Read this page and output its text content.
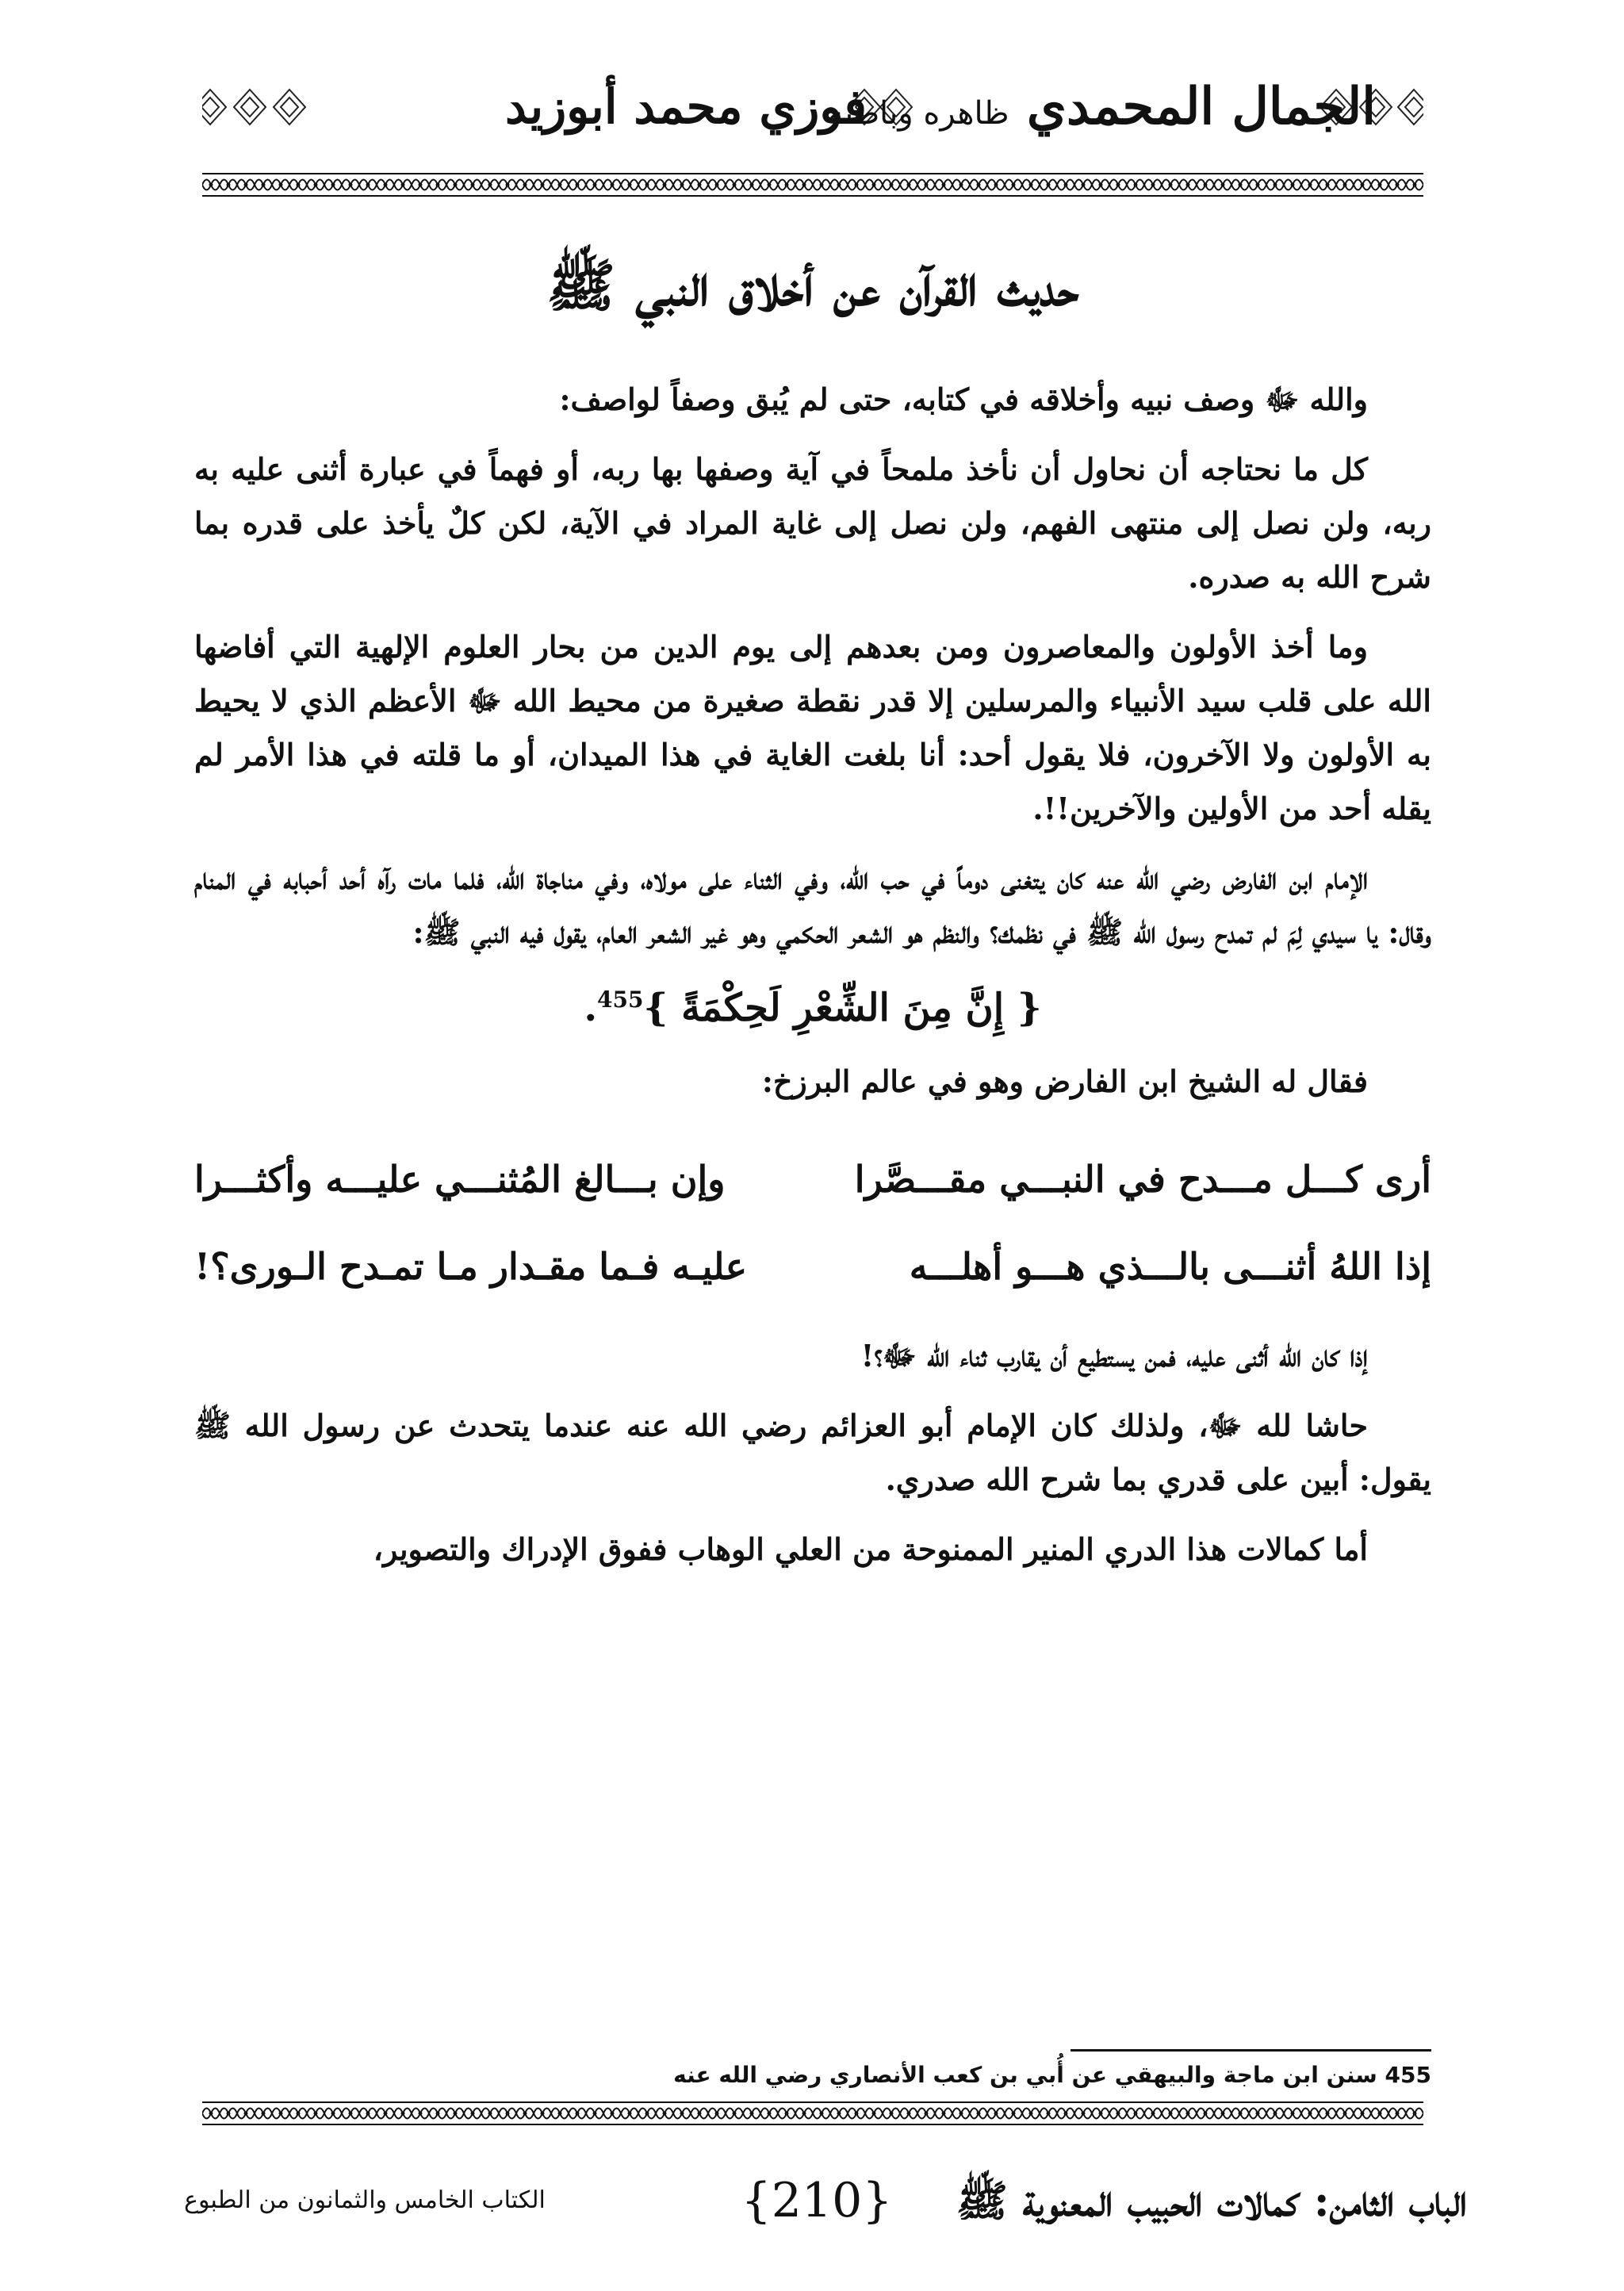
الجمال المحمدي ظاهره وباطنه
فوزي محمد أبوزيد
حديث القرآن عن أخلاق النبي ﷺ

والله ﷻ وصف نبيه وأخلاقه في كتابه، حتى لم يُبق وصفاً لواصف:

كل ما نحتاجه أن نحاول أن نأخذ ملمحاً في آية وصفها بها ربه، أو فهماً في عبارة أثنى عليه به ربه، ولن نصل إلى منتهى الفهم، ولن نصل إلى غاية المراد في الآية، لكن كلٌ يأخذ على قدره بما شرح الله به صدره.

وما أخذ الأولون والمعاصرون ومن بعدهم إلى يوم الدين من بحار العلوم الإلهية التي أفاضها الله على قلب سيد الأنبياء والمرسلين إلا قدر نقطة صغيرة من محيط الله ﷻ الأعظم الذي لا يحيط به الأولون ولا الآخرون، فلا يقول أحد: أنا بلغت الغاية في هذا الميدان، أو ما قلته في هذا الأمر لم يقله أحد من الأولين والآخرين!!.

الإمام ابن الفارض رضي الله عنه كان يتغنى دوماً في حب الله، وفي الثناء على مولاه، وفي مناجاة الله، فلما مات رآه أحد أحبابه في المنام وقال: يا سيدي لِمَ لم تمدح رسول الله ﷺ في نظمك؟ والنظم هو الشعر الحكمي وهو غير الشعر العام، يقول فيه النبي ﷺ:

{ إِنَّ مِنَ الشِّعْرِ لَحِكْمَةً }$^{455}$.

فقال له الشيخ ابن الفارض وهو في عالم البرزخ:

أرى كـــل مـــدح في النبـــي مقـــصَّرا
وإن بـــالغ المُثنـــي عليـــه وأكثـــرا
إذا اللهُ أثنـــى بالـــذي هـــو أهلـــه
عليـه فـما مقـدار مـا تمـدح الـورى؟!

إذا كان الله أثنى عليه، فمن يستطيع أن يقارب ثناء الله ﷻ؟!

حاشا لله ﷻ، ولذلك كان الإمام أبو العزائم رضي الله عنه عندما يتحدث عن رسول الله ﷺ يقول: أبين على قدري بما شرح الله صدري.

أما كمالات هذا الدري المنير الممنوحة من العلي الوهاب ففوق الإدراك والتصوير،

455 سنن ابن ماجة والبيهقي عن أُبي بن كعب الأنصاري رضي الله عنه
الباب الثامن: كمالات الحبيب المعنوية ﷺ
{210}
الكتاب الخامس والثمانون من الطبوع
